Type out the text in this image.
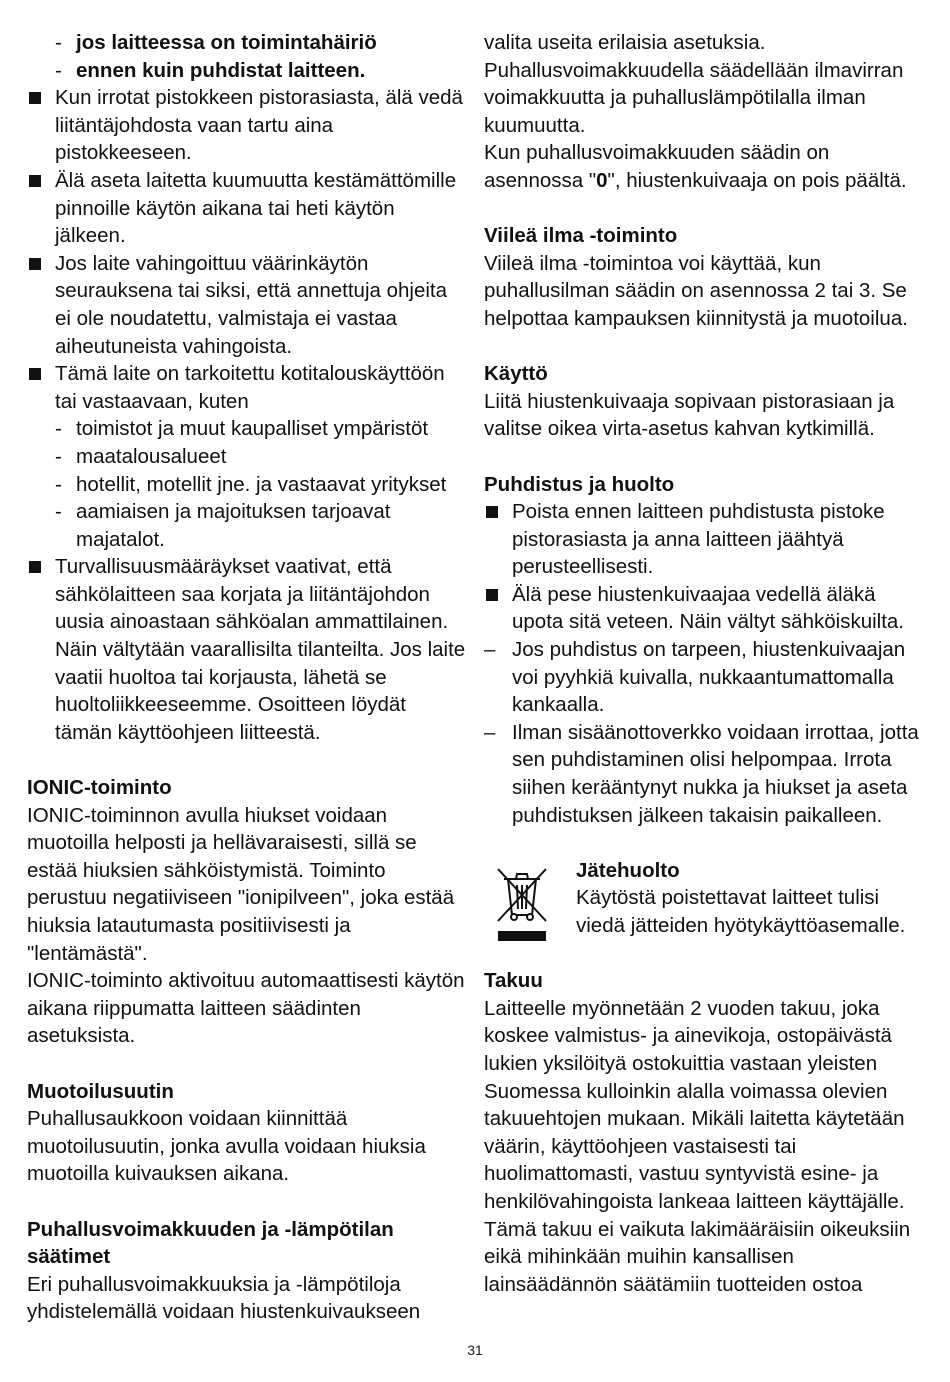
- jos laitteessa on toimintahäiriö
- ennen kuin puhdistat laitteen.
Kun irrotat pistokkeen pistorasiasta, älä vedä liitäntäjohdosta vaan tartu aina pistokkeeseen.
Älä aseta laitetta kuumuutta kestämättömille pinnoille käytön aikana tai heti käytön jälkeen.
Jos laite vahingoittuu väärinkäytön seurauksena tai siksi, että annettuja ohjeita ei ole noudatettu, valmistaja ei vastaa aiheutuneista vahingoista.
Tämä laite on tarkoitettu kotitalouskäyttöön tai vastaavaan, kuten
- toimistot ja muut kaupalliset ympäristöt
- maatalousalueet
- hotellit, motellit jne. ja vastaavat yritykset
- aamiaisen ja majoituksen tarjoavat majatalot.
Turvallisuusmääräykset vaativat, että sähkölaitteen saa korjata ja liitäntäjohdon uusia ainoastaan sähköalan ammattilainen. Näin vältytään vaarallisilta tilanteilta. Jos laite vaatii huoltoa tai korjausta, lähetä se huoltoliikkeeseemme. Osoitteen löydät tämän käyttöohjeen liitteestä.

IONIC-toiminto

IONIC-toiminnon avulla hiukset voidaan muotoilla helposti ja hellävaraisesti, sillä se estää hiuksien sähköistymistä. Toiminto perustuu negatiiviseen "ionipilveen", joka estää hiuksia latautumasta positiivisesti ja "lentämästä".

IONIC-toiminto aktivoituu automaattisesti käytön aikana riippumatta laitteen säädinten asetuksista.

Muotoilusuutin

Puhallusaukkoon voidaan kiinnittää muotoilusuutin, jonka avulla voidaan hiuksia muotoilla kuivauksen aikana.

Puhallusvoimakkuuden ja -lämpötilan säätimet

Eri puhallusvoimakkuuksia ja -lämpötiloja yhdistelemällä voidaan hiustenkuivaukseen

valita useita erilaisia asetuksia.

Puhallusvoimakkuudella säädellään ilmavirran voimakkuutta ja puhalluslämpötilalla ilman kuumuutta.

Kun puhallusvoimakkuuden säädin on asennossa "0", hiustenkuivaaja on pois päältä.

Viileä ilma -toiminto

Viileä ilma -toimintoa voi käyttää, kun puhallusilman säädin on asennossa 2 tai 3. Se helpottaa kampauksen kiinnitystä ja muotoilua.

Käyttö

Liitä hiustenkuivaaja sopivaan pistorasiaan ja valitse oikea virta-asetus kahvan kytkimillä.

Puhdistus ja huolto

Poista ennen laitteen puhdistusta pistoke pistorasiasta ja anna laitteen jäähtyä perusteellisesti.
Älä pese hiustenkuivaajaa vedellä äläkä upota sitä veteen. Näin vältyt sähköiskuilta.
– Jos puhdistus on tarpeen, hiustenkuivaajan voi pyyhkiä kuivalla, nukkaantumattomalla kankaalla.
– Ilman sisäänottoverkko voidaan irrottaa, jotta sen puhdistaminen olisi helpompaa. Irrota siihen kerääntynyt nukka ja hiukset ja aseta puhdistuksen jälkeen takaisin paikalleen.

Jätehuolto

Käytöstä poistettavat laitteet tulisi viedä jätteiden hyötykäyttöasemalle.

Takuu

Laitteelle myönnetään 2 vuoden takuu, joka koskee valmistus- ja ainevikoja, ostopäivästä lukien yksilöityä ostokuittia vastaan yleisten Suomessa kulloinkin alalla voimassa olevien takuuehtojen mukaan. Mikäli laitetta käytetään väärin, käyttöohjeen vastaisesti tai huolimattomasti, vastuu syntyvistä esine- ja henkilövahingoista lankeaa laitteen käyttäjälle. Tämä takuu ei vaikuta lakimääräisiin oikeuksiin eikä mihinkään muihin kansallisen lainsäädännön säätämiin tuotteiden ostoa

31
